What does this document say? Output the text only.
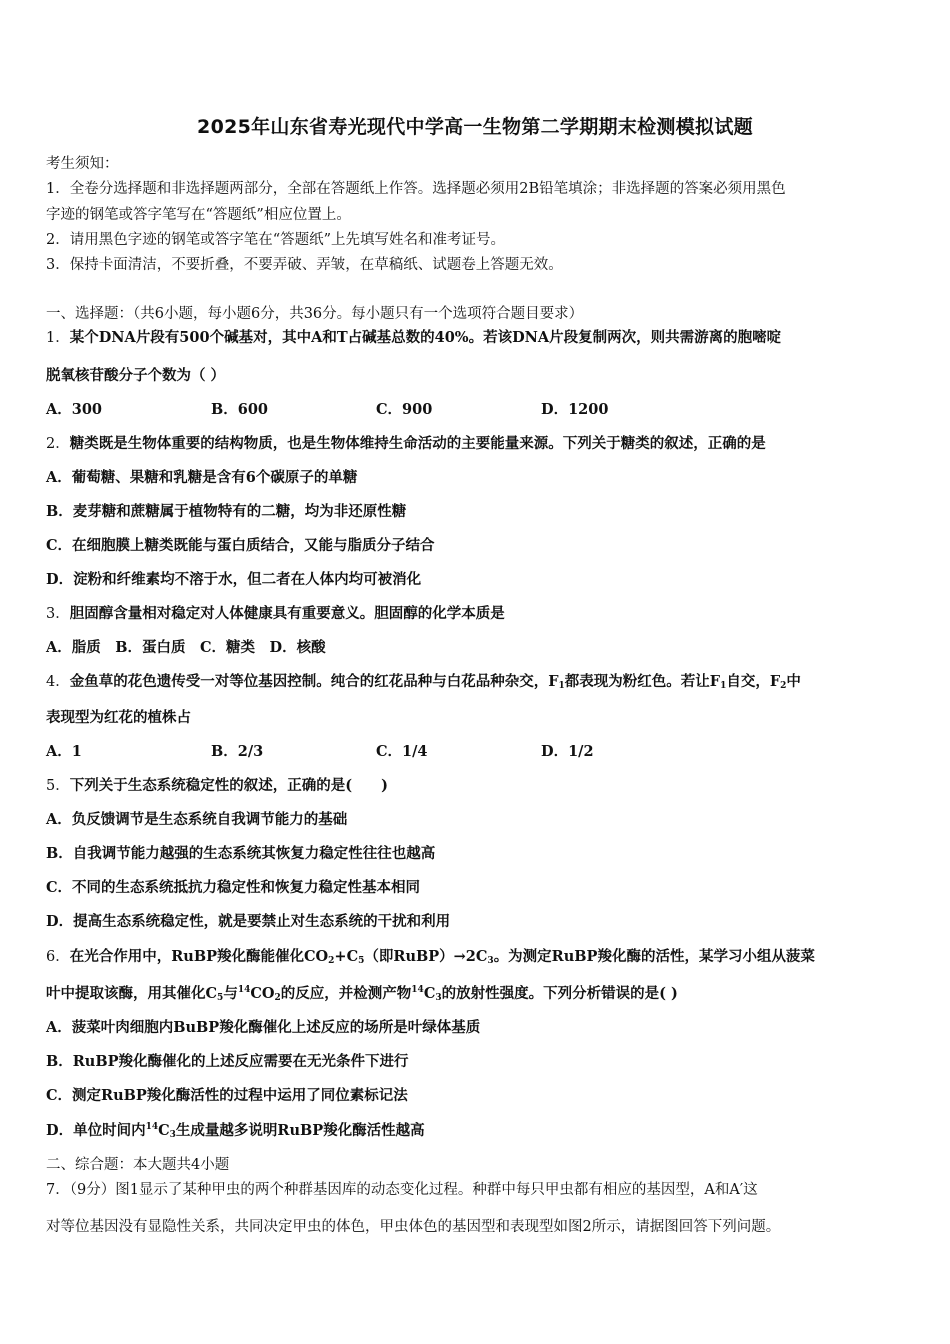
2025年山东省寿光现代中学高一生物第二学期期末检测模拟试题
考生须知：
1．全卷分选择题和非选择题两部分，全部在答题纸上作答。选择题必须用2B铅笔填涂；非选择题的答案必须用黑色
字迹的钢笔或答字笔写在“答题纸”相应位置上。
2．请用黑色字迹的钢笔或答字笔在“答题纸”上先填写姓名和准考证号。
3．保持卡面清洁，不要折叠，不要弄破、弄皱，在草稿纸、试题卷上答题无效。
一、选择题：（共6小题，每小题6分，共36分。每小题只有一个选项符合题目要求）
1．某个DNA片段有500个碱基对，其中A和T占碱基总数的40%。若该DNA片段复制两次，则共需游离的胞嘧啶
脱氧核苷酸分子个数为（ ）
A．300	B．600	C．900	D．1200
2．糖类既是生物体重要的结构物质，也是生物体维持生命活动的主要能量来源。下列关于糖类的叙述，正确的是
A．葡萄糖、果糖和乳糖是含有6个碳原子的单糖
B．麦芽糖和蔗糖属于植物特有的二糖，均为非还原性糖
C．在细胞膜上糖类既能与蛋白质结合，又能与脂质分子结合
D．淀粉和纤维素均不溶于水，但二者在人体内均可被消化
3．胆固醇含量相对稳定对人体健康具有重要意义。胆固醇的化学本质是
A．脂质　B．蛋白质　C．糖类　D．核酸
4．金鱼草的花色遗传受一对等位基因控制。纯合的红花品种与白花品种杂交，$F_1$都表现为粉红色。若让$F_1$自交，$F_2$中
表现型为红花的植株占
A．1	B．2/3	C．1/4	D．1/2
5．下列关于生态系统稳定性的叙述，正确的是(　　)
A．负反馈调节是生态系统自我调节能力的基础
B．自我调节能力越强的生态系统其恢复力稳定性往往也越高
C．不同的生态系统抵抗力稳定性和恢复力稳定性基本相同
D．提高生态系统稳定性，就是要禁止对生态系统的干扰和利用
6．在光合作用中，RuBP羧化酶能催化$CO_2+C_5$（即$RuBP)\to 2C_3$。为测定RuBP羧化酶的活性，某学习小组从菠菜
叶中提取该酶，用其催化$C_5$与$^{14}CO_2$的反应，并检测产物$^{14}C_3$的放射性强度。下列分析错误的是( )
A．菠菜叶肉细胞内BuBP羧化酶催化上述反应的场所是叶绿体基质
B．RuBP羧化酶催化的上述反应需要在无光条件下进行
C．测定RuBP羧化酶活性的过程中运用了同位素标记法
D．单位时间内$^{14}C_3$生成量越多说明RuBP羧化酶活性越高
二、综合题：本大题共4小题
7．（9分）图1显示了某种甲虫的两个种群基因库的动态变化过程。种群中每只甲虫都有相应的基因型，A和A′这
对等位基因没有显隐性关系，共同决定甲虫的体色，甲虫体色的基因型和表现型如图2所示，请据图回答下列问题。
